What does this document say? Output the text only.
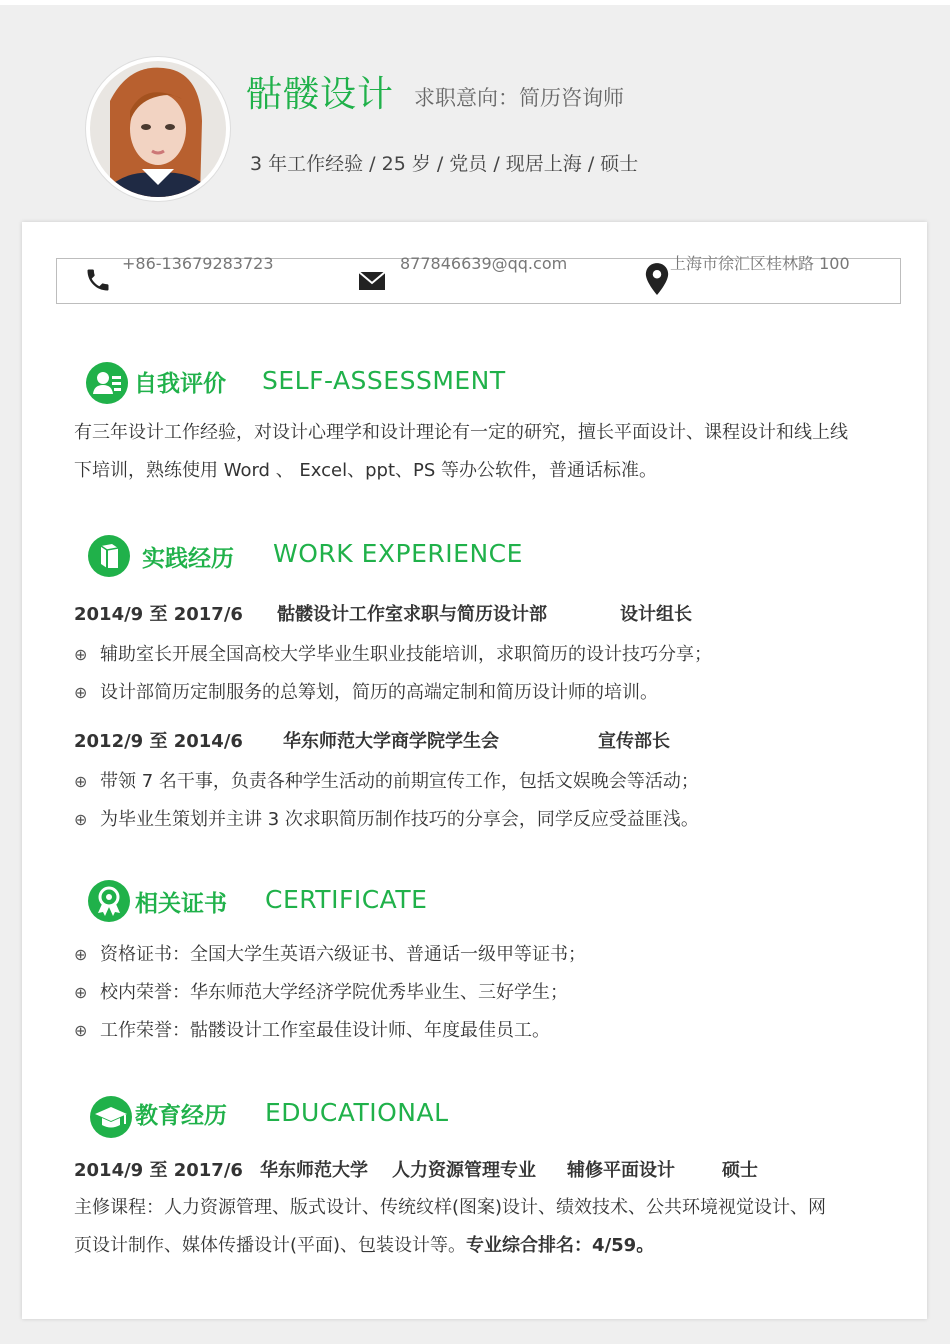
骷髅设计 求职意向：简历咨询师
3 年工作经验 / 25 岁 / 党员 / 现居上海 / 硕士
+86-13679283723	877846639@qq.com	上海市徐汇区桂林路 100
自我评价 SELF-ASSESSMENT
有三年设计工作经验，对设计心理学和设计理论有一定的研究，擅长平面设计、课程设计和线上线
下培训，熟练使用 Word 、 Excel、ppt、PS 等办公软件，普通话标准。
实践经历 WORK EXPERIENCE
2014/9 至 2017/6 骷髅设计工作室求职与简历设计部	设计组长
⊕ 辅助室长开展全国高校大学毕业生职业技能培训，求职简历的设计技巧分享；
⊕ 设计部简历定制服务的总筹划，简历的高端定制和简历设计师的培训。
2012/9 至 2014/6 华东师范大学商学院学生会	宣传部长
⊕ 带领 7 名干事，负责各种学生活动的前期宣传工作，包括文娱晚会等活动；
⊕ 为毕业生策划并主讲 3 次求职简历制作技巧的分享会，同学反应受益匪浅。
相关证书 CERTIFICATE
⊕ 资格证书：全国大学生英语六级证书、普通话一级甲等证书；
⊕ 校内荣誉：华东师范大学经济学院优秀毕业生、三好学生；
⊕ 工作荣誉：骷髅设计工作室最佳设计师、年度最佳员工。
教育经历 EDUCATIONAL
2014/9 至 2017/6 华东师范大学 人力资源管理专业 辅修平面设计	硕士
主修课程：人力资源管理、版式设计、传统纹样(图案)设计、绩效技术、公共环境视觉设计、网
页设计制作、媒体传播设计(平面)、包装设计等。专业综合排名：4/59。
